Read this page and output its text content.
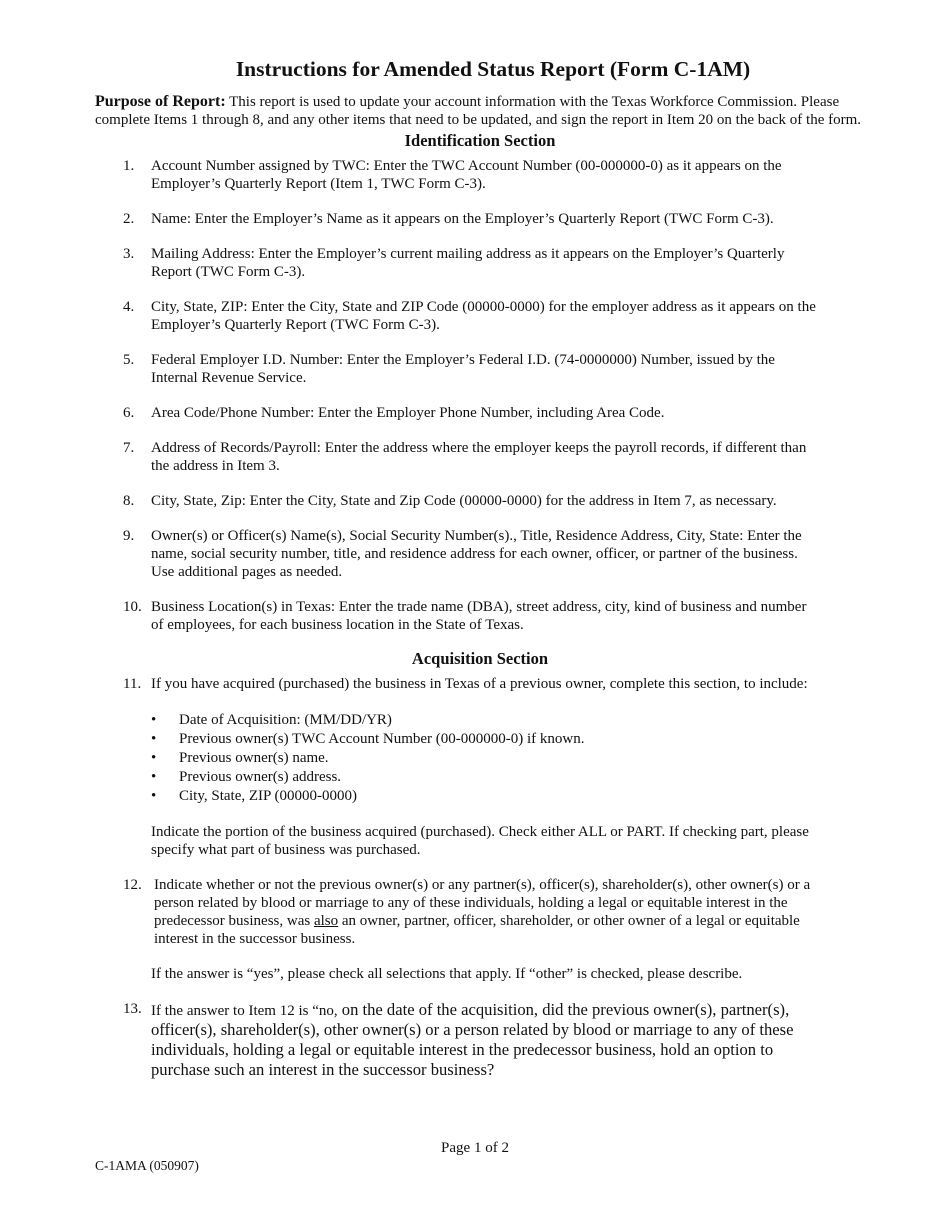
Instructions for Amended Status Report (Form C-1AM)

Purpose of Report: This report is used to update your account information with the Texas Workforce Commission. Please complete Items 1 through 8, and any other items that need to be updated, and sign the report in Item 20 on the back of the form.

Identification Section
1. Account Number assigned by TWC: Enter the TWC Account Number (00-000000-0) as it appears on the Employer’s Quarterly Report (Item 1, TWC Form C-3).
2. Name: Enter the Employer’s Name as it appears on the Employer’s Quarterly Report (TWC Form C-3).
3. Mailing Address: Enter the Employer’s current mailing address as it appears on the Employer’s Quarterly Report (TWC Form C-3).
4. City, State, ZIP: Enter the City, State and ZIP Code (00000-0000) for the employer address as it appears on the Employer’s Quarterly Report (TWC Form C-3).
5. Federal Employer I.D. Number: Enter the Employer’s Federal I.D. (74-0000000) Number, issued by the Internal Revenue Service.
6. Area Code/Phone Number: Enter the Employer Phone Number, including Area Code.
7. Address of Records/Payroll: Enter the address where the employer keeps the payroll records, if different than the address in Item 3.
8. City, State, Zip: Enter the City, State and Zip Code (00000-0000) for the address in Item 7, as necessary.
9. Owner(s) or Officer(s) Name(s), Social Security Number(s)., Title, Residence Address, City, State: Enter the name, social security number, title, and residence address for each owner, officer, or partner of the business. Use additional pages as needed.
10. Business Location(s) in Texas: Enter the trade name (DBA), street address, city, kind of business and number of employees, for each business location in the State of Texas.
Acquisition Section
11. If you have acquired (purchased) the business in Texas of a previous owner, complete this section, to include:
• Date of Acquisition: (MM/DD/YR)
• Previous owner(s) TWC Account Number (00-000000-0) if known.
• Previous owner(s) name.
• Previous owner(s) address.
• City, State, ZIP (00000-0000)

Indicate the portion of the business acquired (purchased). Check either ALL or PART. If checking part, please specify what part of business was purchased.

12. Indicate whether or not the previous owner(s) or any partner(s), officer(s), shareholder(s), other owner(s) or a person related by blood or marriage to any of these individuals, holding a legal or equitable interest in the predecessor business, was also an owner, partner, officer, shareholder, or other owner of a legal or equitable interest in the successor business.

If the answer is “yes”, please check all selections that apply. If “other” is checked, please describe.

13. If the answer to Item 12 is “no, on the date of the acquisition, did the previous owner(s), partner(s), officer(s), shareholder(s), other owner(s) or a person related by blood or marriage to any of these individuals, holding a legal or equitable interest in the predecessor business, hold an option to purchase such an interest in the successor business?
Page 1 of 2
C-1AMA (050907)
